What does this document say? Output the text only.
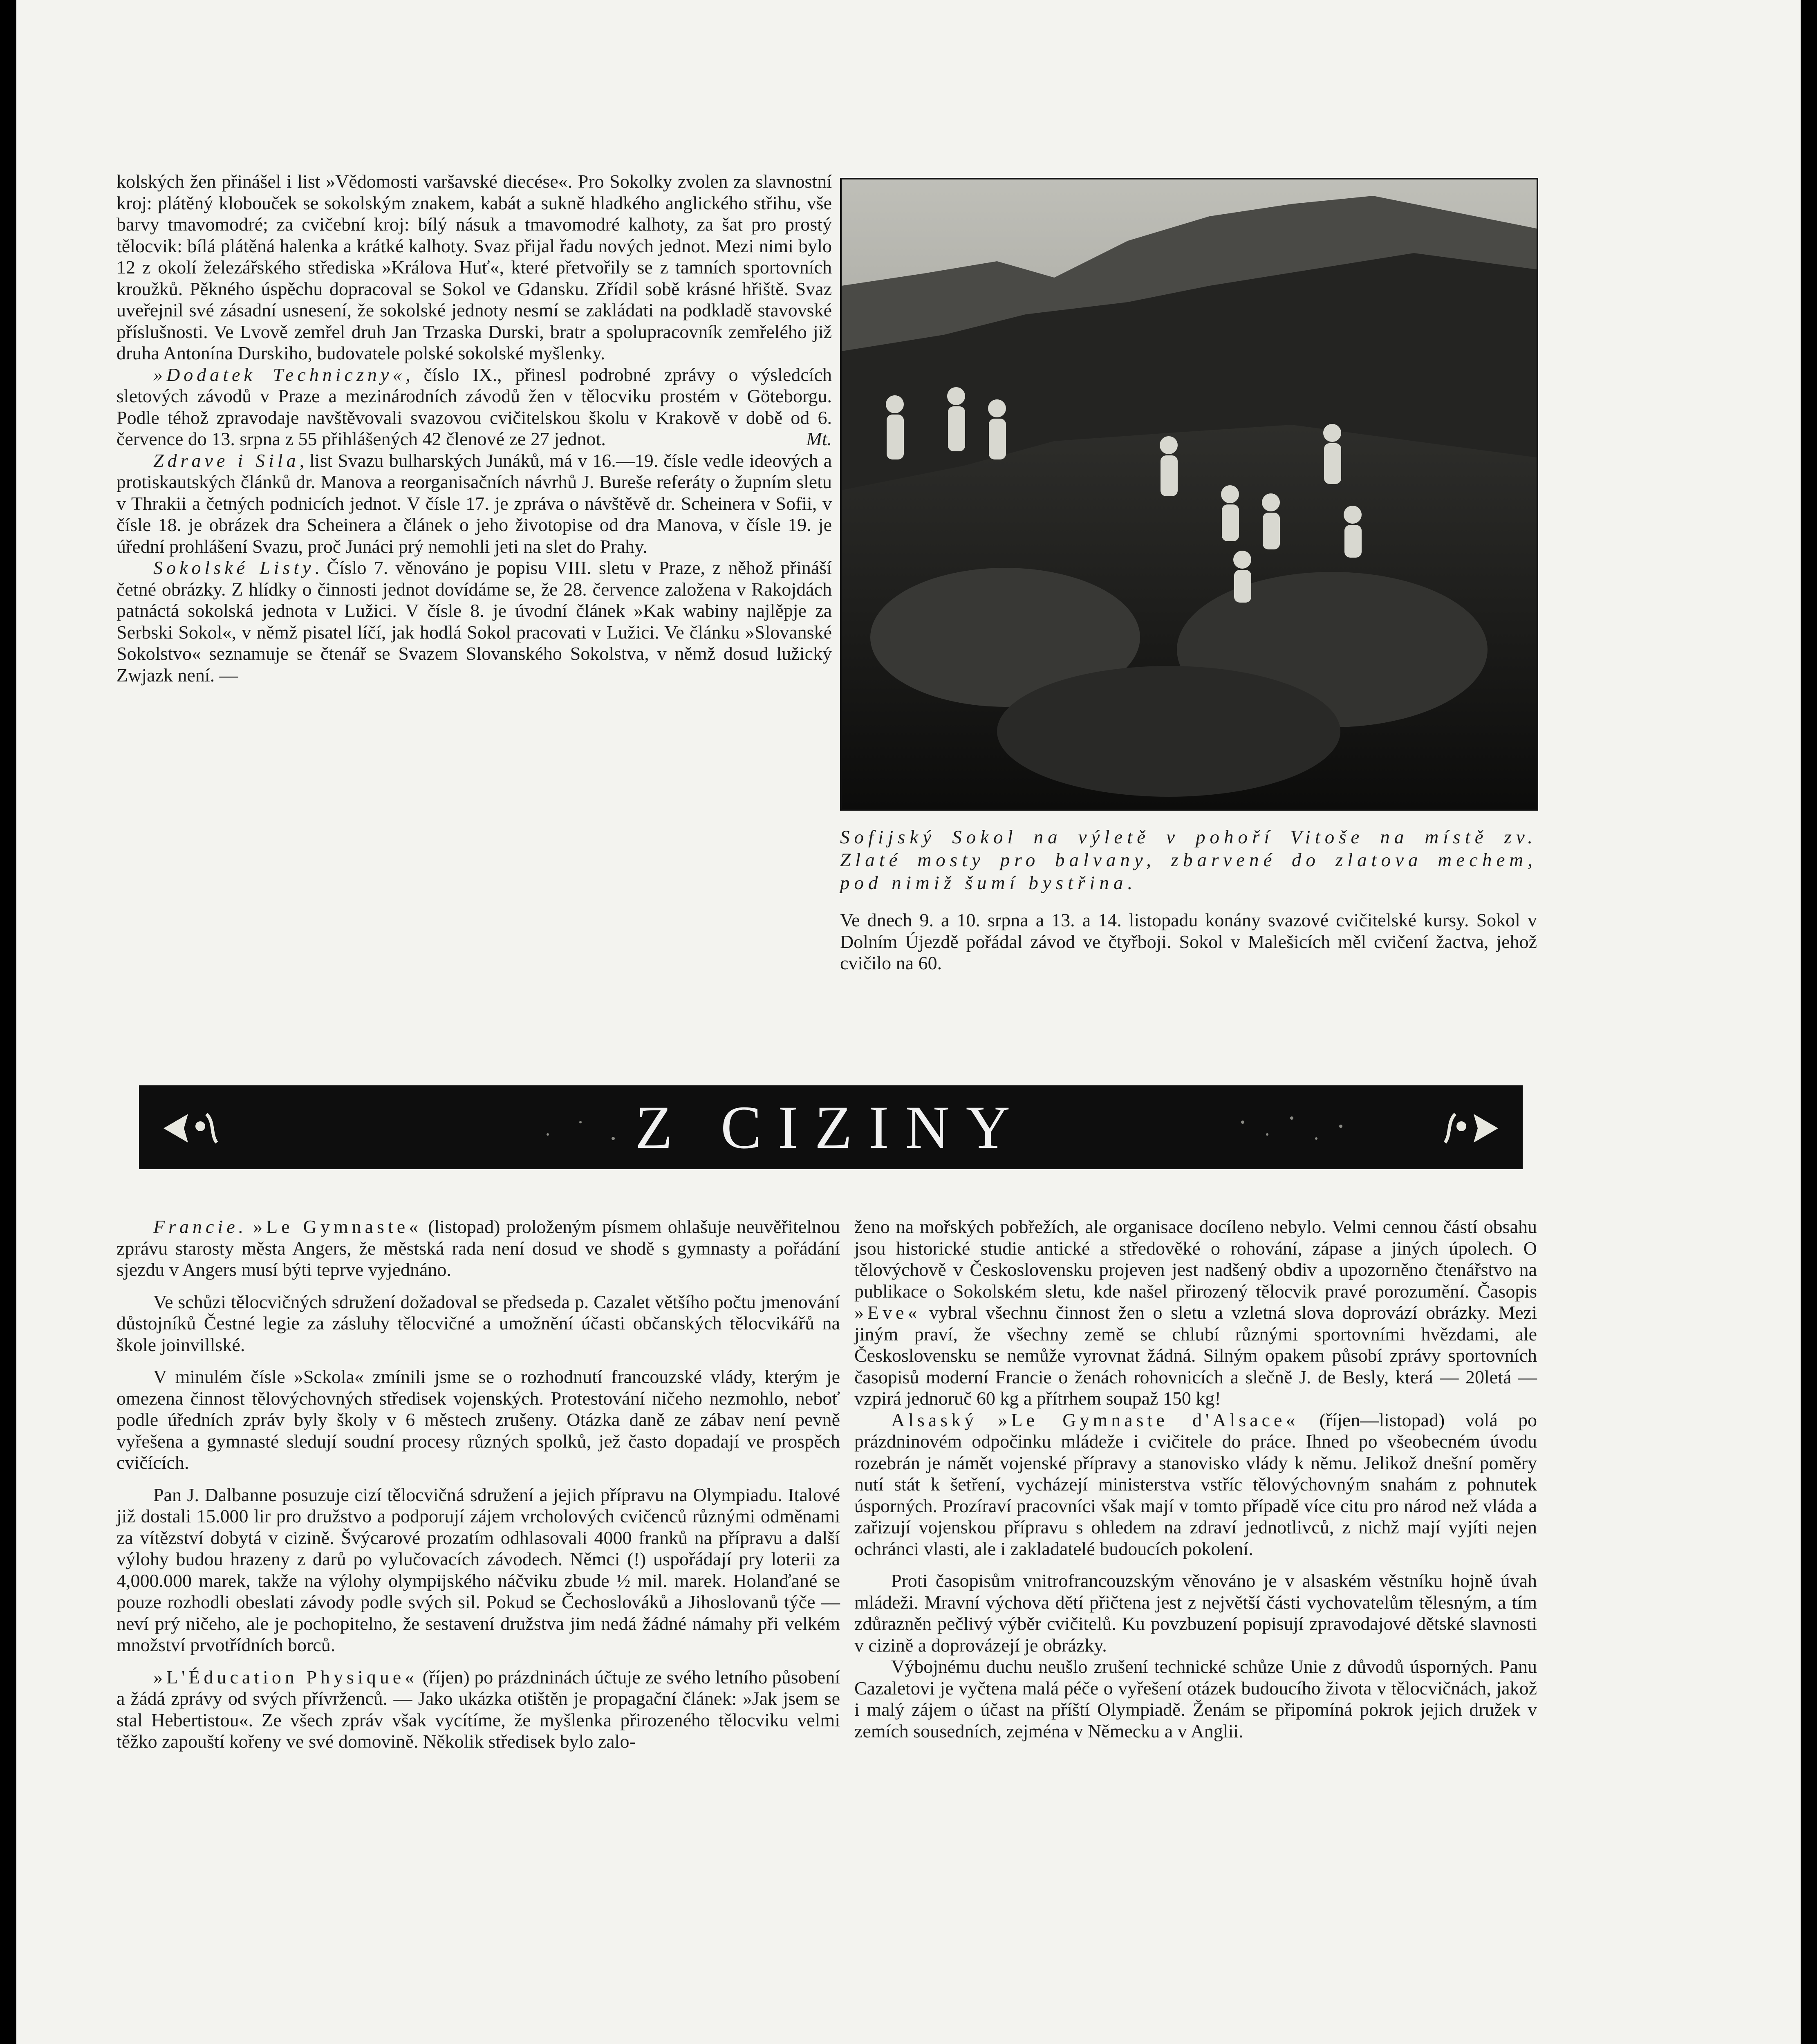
kolských žen přinášel i list »Vědomosti varšavské diecése«. Pro Sokolky zvolen za slavnostní kroj: plátěný klobouček se sokolským znakem, kabát a sukně hladkého anglického střihu, vše barvy tmavomodré; za cvičební kroj: bílý násuk a tmavomodré kalhoty, za šat pro prostý tělocvik: bílá plátěná halenka a krátké kalhoty. Svaz přijal řadu nových jednot. Mezi nimi bylo 12 z okolí železářského střediska »Králova Huť«, které přetvořily se z tamních sportovních kroužků. Pěkného úspěchu dopracoval se Sokol ve Gdansku. Zřídil sobě krásné hřiště. Svaz uveřejnil své zásadní usnesení, že sokolské jednoty nesmí se zakládati na podkladě stavovské příslušnosti. Ve Lvově zemřel druh Jan Trzaska Durski, bratr a spolupracovník zemřelého již druha Antonína Durskiho, budovatele polské sokolské myšlenky.

»Dodatek Techniczny«, číslo IX., přinesl podrobné zprávy o výsledcích sletových závodů v Praze a mezinárodních závodů žen v tělocviku prostém v Göteborgu. Podle téhož zpravodaje navštěvovali svazovou cvičitelskou školu v Krakově v době od 6. července do 13. srpna z 55 přihlášených 42 členové ze 27 jednot.	Mt.

Zdrave i Sila, list Svazu bulharských Junáků, má v 16.—19. čísle vedle ideových a protiskautských článků dr. Manova a reorganisačních návrhů J. Bureše referáty o župním sletu v Thrakii a četných podnicích jednot. V čísle 17. je zpráva o návštěvě dr. Scheinera v Sofii, v čísle 18. je obrázek dra Scheinera a článek o jeho životopise od dra Manova, v čísle 19. je úřední prohlášení Svazu, proč Junáci prý nemohli jeti na slet do Prahy.

Sokolské Listy. Číslo 7. věnováno je popisu VIII. sletu v Praze, z něhož přináší četné obrázky. Z hlídky o činnosti jednot dovídáme se, že 28. července založena v Rakojdách patnáctá sokolská jednota v Lužici. V čísle 8. je úvodní článek »Kak wabiny najlěpje za Serbski Sokol«, v němž pisatel líčí, jak hodlá Sokol pracovati v Lužici. Ve článku »Slovanské Sokolstvo« seznamuje se čtenář se Svazem Slovanského Sokolstva, v němž dosud lužický Zwjazk není. —

Sofijský Sokol na výletě v pohoří Vitoše na místě zv. Zlaté mosty pro balvany, zbarvené do zlatova mechem, pod nimiž šumí bystřina.
Ve dnech 9. a 10. srpna a 13. a 14. listopadu konány svazové cvičitelské kursy. Sokol v Dolním Újezdě pořádal závod ve čtyřboji. Sokol v Malešicích měl cvičení žactva, jehož cvičilo na 60.
Z CIZINY

Francie. »Le Gymnaste« (listopad) proloženým písmem ohlašuje neuvěřitelnou zprávu starosty města Angers, že městská rada není dosud ve shodě s gymnasty a pořádání sjezdu v Angers musí býti teprve vyjednáno.

Ve schůzi tělocvičných sdružení dožadoval se předseda p. Cazalet většího počtu jmenování důstojníků Čestné legie za zásluhy tělocvičné a umožnění účasti občanských tělocvikářů na škole joinvillské.

V minulém čísle »Sckola« zmínili jsme se o rozhodnutí francouzské vlády, kterým je omezena činnost tělovýchovných středisek vojenských. Protestování ničeho nezmohlo, neboť podle úředních zpráv byly školy v 6 městech zrušeny. Otázka daně ze zábav není pevně vyřešena a gymnasté sledují soudní procesy různých spolků, jež často dopadají ve prospěch cvičících.

Pan J. Dalbanne posuzuje cizí tělocvičná sdružení a jejich přípravu na Olympiadu. Italové již dostali 15.000 lir pro družstvo a podporují zájem vrcholových cvičenců různými odměnami za vítězství dobytá v cizině. Švýcarové prozatím odhlasovali 4000 franků na přípravu a další výlohy budou hrazeny z darů po vylučovacích závodech. Němci (!) uspořádají pry loterii za 4,000.000 marek, takže na výlohy olympijského náčviku zbude ½ mil. marek. Holanďané se pouze rozhodli obeslati závody podle svých sil. Pokud se Čechoslováků a Jihoslovanů týče — neví prý ničeho, ale je pochopitelno, že sestavení družstva jim nedá žádné námahy při velkém množství prvotřídních borců.

»L'Éducation Physique« (říjen) po prázdninách účtuje ze svého letního působení a žádá zprávy od svých přívrženců. — Jako ukázka otištěn je propagační článek: »Jak jsem se stal Hebertistou«. Ze všech zpráv však vycítíme, že myšlenka přirozeného tělocviku velmi těžko zapouští kořeny ve své domovině. Několik středisek bylo zalo-

ženo na mořských pobřežích, ale organisace docíleno nebylo. Velmi cennou částí obsahu jsou historické studie antické a středověké o rohování, zápase a jiných úpolech. O tělovýchově v Československu projeven jest nadšený obdiv a upozorněno čtenářstvo na publikace o Sokolském sletu, kde našel přirozený tělocvik pravé porozumění. Časopis »Eve« vybral všechnu činnost žen o sletu a vzletná slova doprovází obrázky. Mezi jiným praví, že všechny země se chlubí různými sportovními hvězdami, ale Československu se nemůže vyrovnat žádná. Silným opakem působí zprávy sportovních časopisů moderní Francie o ženách rohovnicích a slečně J. de Besly, která — 20letá — vzpirá jednoruč 60 kg a přítrhem soupaž 150 kg!

Alsaský »Le Gymnaste d'Alsace« (říjen—listopad) volá po prázdninovém odpočinku mládeže i cvičitele do práce. Ihned po všeobecném úvodu rozebrán je námět vojenské přípravy a stanovisko vlády k němu. Jelikož dnešní poměry nutí stát k šetření, vycházejí ministerstva vstříc tělovýchovným snahám z pohnutek úsporných. Prozíraví pracovníci však mají v tomto případě více citu pro národ než vláda a zařizují vojenskou přípravu s ohledem na zdraví jednotlivců, z nichž mají vyjíti nejen ochránci vlasti, ale i zakladatelé budoucích pokolení.

Proti časopisům vnitrofrancouzským věnováno je v alsaském věstníku hojně úvah mládeži. Mravní výchova dětí přičtena jest z největší části vychovatelům tělesným, a tím zdůrazněn pečlivý výběr cvičitelů. Ku povzbuzení popisují zpravodajové dětské slavnosti v cizině a doprovázejí je obrázky.

Výbojnému duchu neušlo zrušení technické schůze Unie z důvodů úsporných. Panu Cazaletovi je vyčtena malá péče o vyřešení otázek budoucího života v tělocvičnách, jakož i malý zájem o účast na příští Olympiadě. Ženám se připomíná pokrok jejich družek v zemích sousedních, zejména v Německu a v Anglii.
